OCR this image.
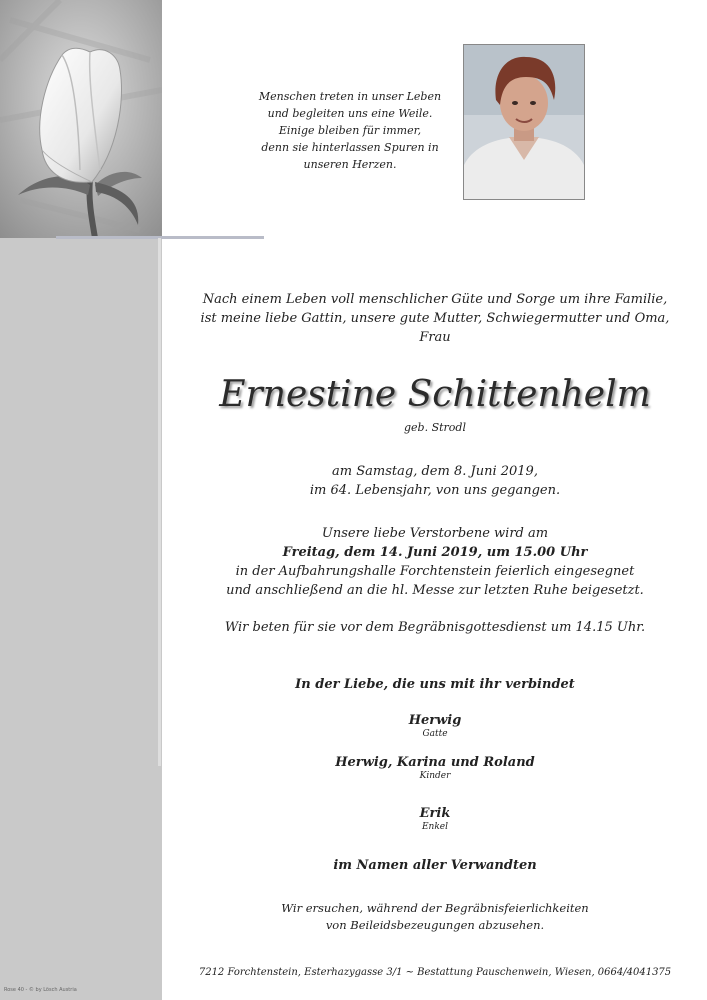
Rose 40 - © by Lösch Austria
Menschen treten in unser Leben
und begleiten uns eine Weile.
Einige bleiben für immer,
denn sie hinterlassen Spuren in
unseren Herzen.
Nach einem Leben voll menschlicher Güte und Sorge um ihre Familie,
ist meine liebe Gattin, unsere gute Mutter, Schwiegermutter und Oma,
Frau
Ernestine Schittenhelm
geb. Strodl
am Samstag, dem 8. Juni 2019,
im 64. Lebensjahr, von uns gegangen.
Unsere liebe Verstorbene wird am
Freitag, dem 14. Juni 2019, um 15.00 Uhr
in der Aufbahrungshalle Forchtenstein feierlich eingesegnet
und anschließend an die hl. Messe zur letzten Ruhe beigesetzt.
Wir beten für sie vor dem Begräbnisgottesdienst um 14.15 Uhr.
In der Liebe, die uns mit ihr verbindet
Herwig
Gatte
Herwig, Karina und Roland
Kinder
Erik
Enkel
im Namen aller Verwandten
Wir ersuchen, während der Begräbnisfeierlichkeiten
von Beileidsbezeugungen abzusehen.
7212 Forchtenstein, Esterhazygasse 3/1 ~ Bestattung Pauschenwein, Wiesen, 0664/4041375
